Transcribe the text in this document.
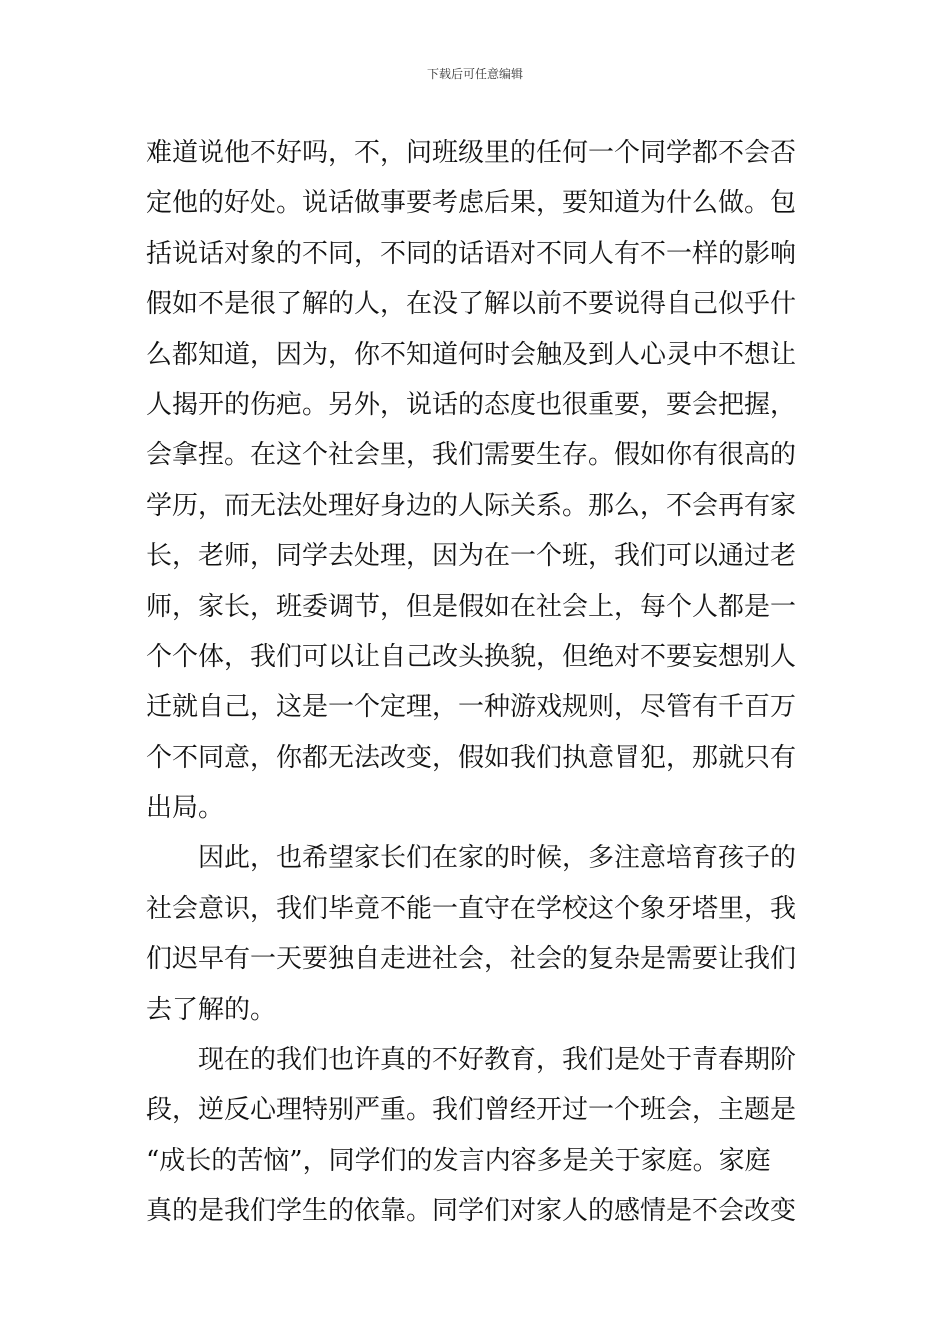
下载后可任意编辑
难道说他不好吗，不，问班级里的任何一个同学都不会否
定他的好处。说话做事要考虑后果，要知道为什么做。包
括说话对象的不同，不同的话语对不同人有不一样的影响
假如不是很了解的人，在没了解以前不要说得自己似乎什
么都知道，因为，你不知道何时会触及到人心灵中不想让
人揭开的伤疤。另外，说话的态度也很重要，要会把握，
会拿捏。在这个社会里，我们需要生存。假如你有很高的
学历，而无法处理好身边的人际关系。那么，不会再有家
长，老师，同学去处理，因为在一个班，我们可以通过老
师，家长，班委调节，但是假如在社会上，每个人都是一
个个体，我们可以让自己改头换貌，但绝对不要妄想别人
迁就自己，这是一个定理，一种游戏规则，尽管有千百万
个不同意，你都无法改变，假如我们执意冒犯，那就只有
出局。
因此，也希望家长们在家的时候，多注意培育孩子的
社会意识，我们毕竟不能一直守在学校这个象牙塔里，我
们迟早有一天要独自走进社会，社会的复杂是需要让我们
去了解的。
现在的我们也许真的不好教育，我们是处于青春期阶
段，逆反心理特别严重。我们曾经开过一个班会，主题是
“成长的苦恼”，同学们的发言内容多是关于家庭。家庭
真的是我们学生的依靠。同学们对家人的感情是不会改变
